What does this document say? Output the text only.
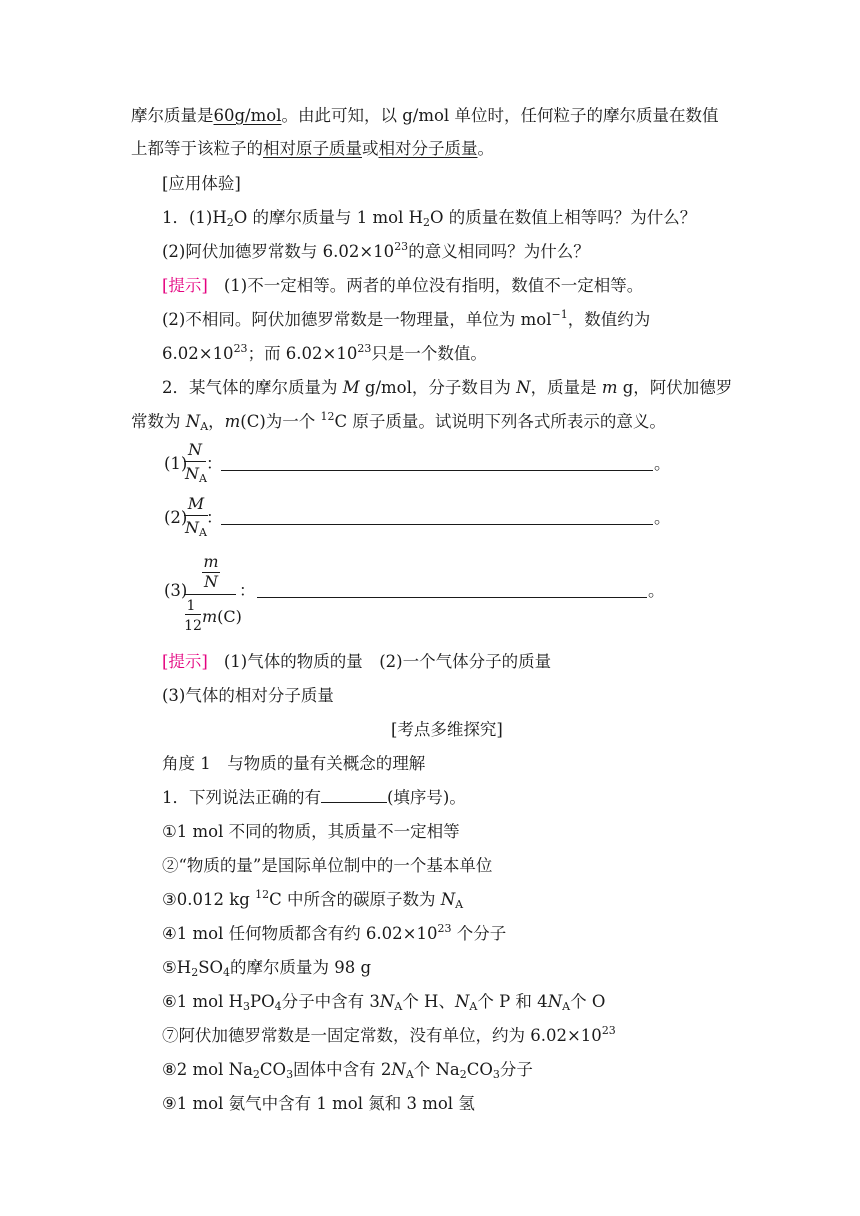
摩尔质量是60g/mol。由此可知，以 g/mol 单位时，任何粒子的摩尔质量在数值
上都等于该粒子的相对原子质量或相对分子质量。
[应用体验]
1．$(1)H_2O$ 的摩尔质量与 1 mol $H_2O$ 的质量在数值上相等吗？为什么？
(2)阿伏加德罗常数与 $6.02\times 10^{23}$的意义相同吗？为什么？
[提示] (1)不一定相等。两者的单位没有指明，数值不一定相等。
(2)不相同。阿伏加德罗常数是一物理量，单位为 mol$^{-1}$，数值约为
$6.02\times 10^{23}$；而 $6.02\times 10^{23}$只是一个数值。
2．某气体的摩尔质量为 M g/mol，分子数目为 N，质量是 m g，阿伏加德罗
常数为 $N_A$，m(C)为一个 $^{12}$C 原子质量。试说明下列各式所表示的意义。
(1)
N
$N_A$
：	。
(2)
M
$N_A$
：	。
(3)
m
N
1
12 m(C)
：	。
[提示] (1)气体的物质的量　(2)一个气体分子的质量
(3)气体的相对分子质量
[考点多维探究]
角度 1　与物质的量有关概念的理解
1．下列说法正确的有	(填序号)。
①1 mol 不同的物质，其质量不一定相等
②“物质的量”是国际单位制中的一个基本单位
③0.012 kg $^{12}$C 中所含的碳原子数为 $N_A$
④1 mol 任何物质都含有约 $6.02\times 10^{23}$ 个分子
$⑤H_2SO_4$的摩尔质量为 98 g
⑥1 mol $H_3PO_4$分子中含有 $3N_A$个 H、$N_A$个 P 和 $4N_A$个 O
⑦阿伏加德罗常数是一固定常数，没有单位，约为 $6.02\times 10^{23}$
⑧2 mol $Na_2CO_3$固体中含有 $2N_A$个 $Na_2CO_3$分子
⑨1 mol 氨气中含有 1 mol 氮和 3 mol 氢
